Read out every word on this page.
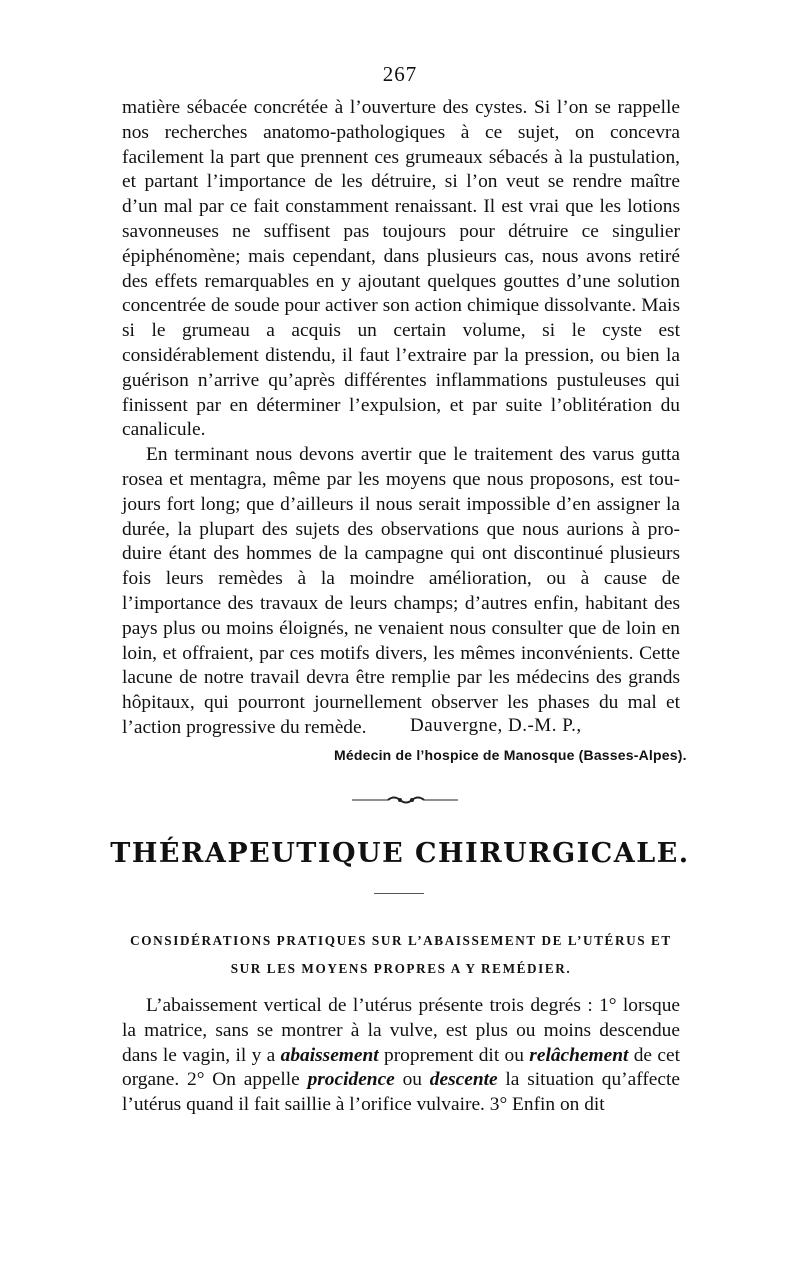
267

matière sébacée concrétée à l’ouverture des cystes. Si l’on se rappelle nos recherches anatomo-pathologiques à ce sujet, on concevra facilement la part que prennent ces grumeaux sébacés à la pustulation, et partant l’importance de les détruire, si l’on veut se rendre maître d’un mal par ce fait constamment renaissant. Il est vrai que les lotions savonneuses ne suffisent pas toujours pour détruire ce singulier épiphénomène; mais cependant, dans plusieurs cas, nous avons retiré des effets remarquables en y ajoutant quelques gouttes d’une solution concentrée de soude pour activer son action chimique dissolvante. Mais si le grumeau a acquis un certain volume, si le cyste est considérablement distendu, il faut l’extraire par la pression, ou bien la guérison n’arrive qu’après différentes inflammations pustuleuses qui finissent par en déterminer l’expulsion, et par suite l’oblitération du canalicule.

En terminant nous devons avertir que le traitement des varus gutta rosea et mentagra, même par les moyens que nous proposons, est toujours fort long; que d’ailleurs il nous serait impossible d’en assigner la durée, la plupart des sujets des observations que nous aurions à produire étant des hommes de la campagne qui ont discontinué plusieurs fois leurs remèdes à la moindre amélioration, ou à cause de l’importance des travaux de leurs champs; d’autres enfin, habitant des pays plus ou moins éloignés, ne venaient nous consulter que de loin en loin, et offraient, par ces motifs divers, les mêmes inconvénients. Cette lacune de notre travail devra être remplie par les médecins des grands hôpitaux, qui pourront journellement observer les phases du mal et l’action progressive du remède.	Dauvergne, D.-M. P.,
Médecin de l’hospice de Manosque (Basses-Alpes).
THÉRAPEUTIQUE CHIRURGICALE.
CONSIDÉRATIONS PRATIQUES SUR L’ABAISSEMENT DE L’UTÉRUS ET SUR LES MOYENS PROPRES A Y REMÉDIER.

L’abaissement vertical de l’utérus présente trois degrés : 1° lorsque la matrice, sans se montrer à la vulve, est plus ou moins descendue dans le vagin, il y a abaissement proprement dit ou relâchement de cet organe. 2° On appelle procidence ou descente la situation qu’affecte l’utérus quand il fait saillie à l’orifice vulvaire. 3° Enfin on dit
